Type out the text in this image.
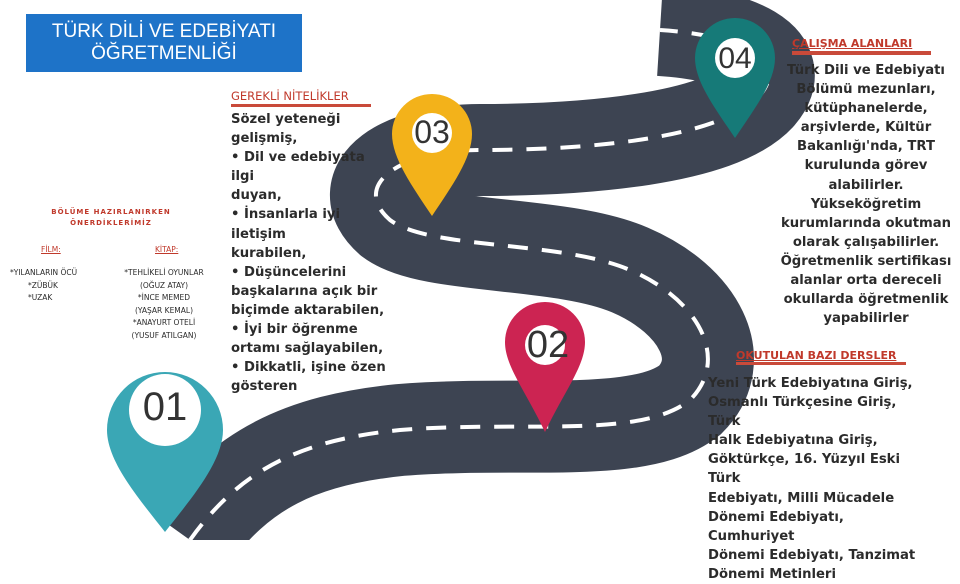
01
02
03
04
TÜRK DİLİ VE EDEBİYATI
ÖĞRETMENLİĞİ
BÖLÜME HAZIRLANIRKEN
ÖNERDİKLERİMİZ
FİLM:	KİTAP:
*YILANLARIN ÖCÜ
*ZÜBÜK
*UZAK
*TEHLİKELİ OYUNLAR
(OĞUZ ATAY)
*İNCE MEMED
(YAŞAR KEMAL)
*ANAYURT OTELİ
(YUSUF ATILGAN)
GEREKLİ NİTELİKLER
Sözel yeteneği
gelişmiş,
• Dil ve edebiyata ilgi
duyan,
• İnsanlarla iyi iletişim
kurabilen,
• Düşüncelerini
başkalarına açık bir
biçimde aktarabilen,
• İyi bir öğrenme
ortamı sağlayabilen,
• Dikkatli, işine özen
gösteren
ÇALIŞMA ALANLARI
Türk Dili ve Edebiyatı
Bölümü mezunları,
kütüphanelerde,
arşivlerde, Kültür
Bakanlığı'nda, TRT
kurulunda görev
alabilirler.
Yükseköğretim
kurumlarında okutman
olarak çalışabilirler.
Öğretmenlik sertifikası
alanlar orta dereceli
okullarda öğretmenlik
yapabilirler
OKUTULAN BAZI DERSLER
Yeni Türk Edebiyatına Giriş,
Osmanlı Türkçesine Giriş, Türk
Halk Edebiyatına Giriş,
Göktürkçe, 16. Yüzyıl Eski Türk
Edebiyatı, Milli Mücadele
Dönemi Edebiyatı, Cumhuriyet
Dönemi Edebiyatı, Tanzimat
Dönemi Metinleri
